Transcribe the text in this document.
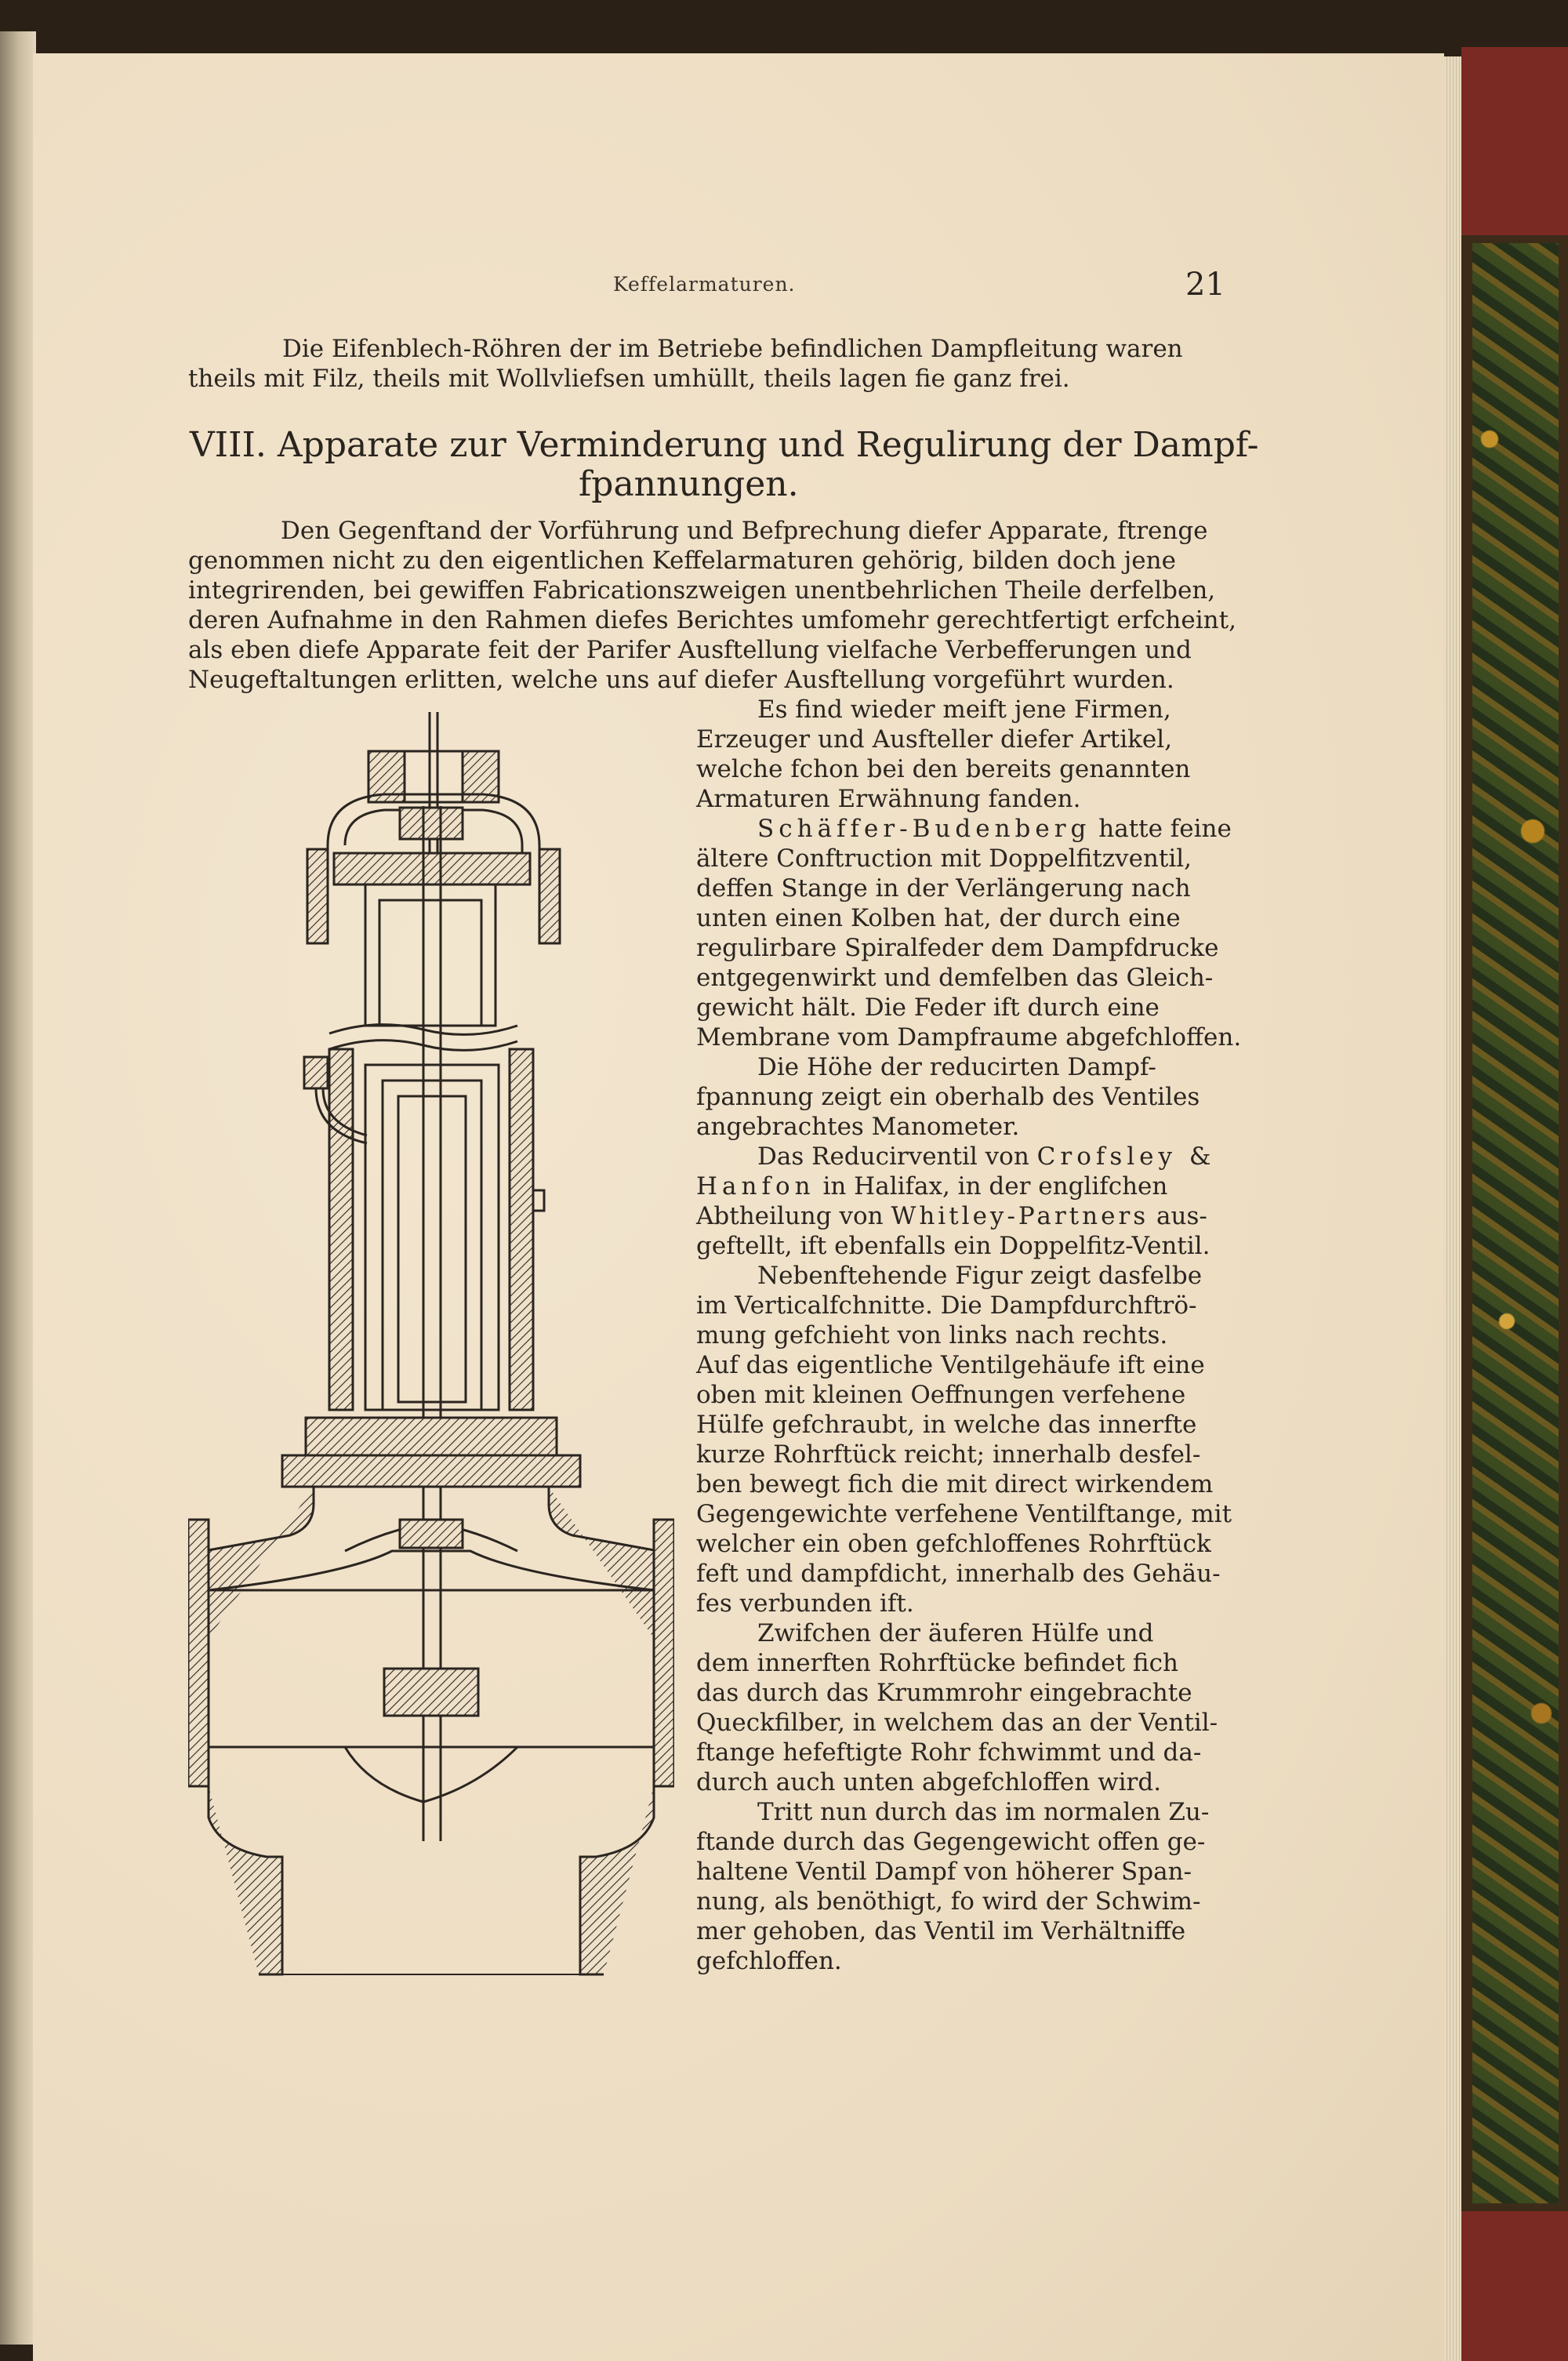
Keffelarmaturen.	21
Die Eifenblech-Röhren der im Betriebe befindlichen Dampfleitung waren
theils mit Filz, theils mit Wollvliefsen umhüllt, theils lagen fie ganz frei.
VIII. Apparate zur Verminderung und Regulirung der Dampf-
fpannungen.
Den Gegenftand der Vorführung und Befprechung diefer Apparate, ftrenge
genommen nicht zu den eigentlichen Keffelarmaturen gehörig, bilden doch jene
integrirenden, bei gewiffen Fabricationszweigen unentbehrlichen Theile derfelben,
deren Aufnahme in den Rahmen diefes Berichtes umfomehr gerechtfertigt erfcheint,
als eben diefe Apparate feit der Parifer Ausftellung vielfache Verbefferungen und
Neugeftaltungen erlitten, welche uns auf diefer Ausftellung vorgeführt wurden.
Es find wieder meift jene Firmen,
Erzeuger und Ausfteller diefer Artikel,
welche fchon bei den bereits genannten
Armaturen Erwähnung fanden.
Schäffer-Budenberg hatte feine
ältere Conftruction mit Doppelfitzventil,
deffen Stange in der Verlängerung nach
unten einen Kolben hat, der durch eine
regulirbare Spiralfeder dem Dampfdrucke
entgegenwirkt und demfelben das Gleich-
gewicht hält. Die Feder ift durch eine
Membrane vom Dampfraume abgefchloffen.
Die Höhe der reducirten Dampf-
fpannung zeigt ein oberhalb des Ventiles
angebrachtes Manometer.
Das Reducirventil von Crofsley &
Hanfon in Halifax, in der englifchen
Abtheilung von Whitley-Partners aus-
geftellt, ift ebenfalls ein Doppelfitz-Ventil.
Nebenftehende Figur zeigt dasfelbe
im Verticalfchnitte. Die Dampfdurchftrö-
mung gefchieht von links nach rechts.
Auf das eigentliche Ventilgehäufe ift eine
oben mit kleinen Oeffnungen verfehene
Hülfe gefchraubt, in welche das innerfte
kurze Rohrftück reicht; innerhalb desfel-
ben bewegt fich die mit direct wirkendem
Gegengewichte verfehene Ventilftange, mit
welcher ein oben gefchloffenes Rohrftück
feft und dampfdicht, innerhalb des Gehäu-
fes verbunden ift.
Zwifchen der äuferen Hülfe und
dem innerften Rohrftücke befindet fich
das durch das Krummrohr eingebrachte
Queckfilber, in welchem das an der Ventil-
ftange hefeftigte Rohr fchwimmt und da-
durch auch unten abgefchloffen wird.
Tritt nun durch das im normalen Zu-
ftande durch das Gegengewicht offen ge-
haltene Ventil Dampf von höherer Span-
nung, als benöthigt, fo wird der Schwim-
mer gehoben, das Ventil im Verhältniffe
gefchloffen.
